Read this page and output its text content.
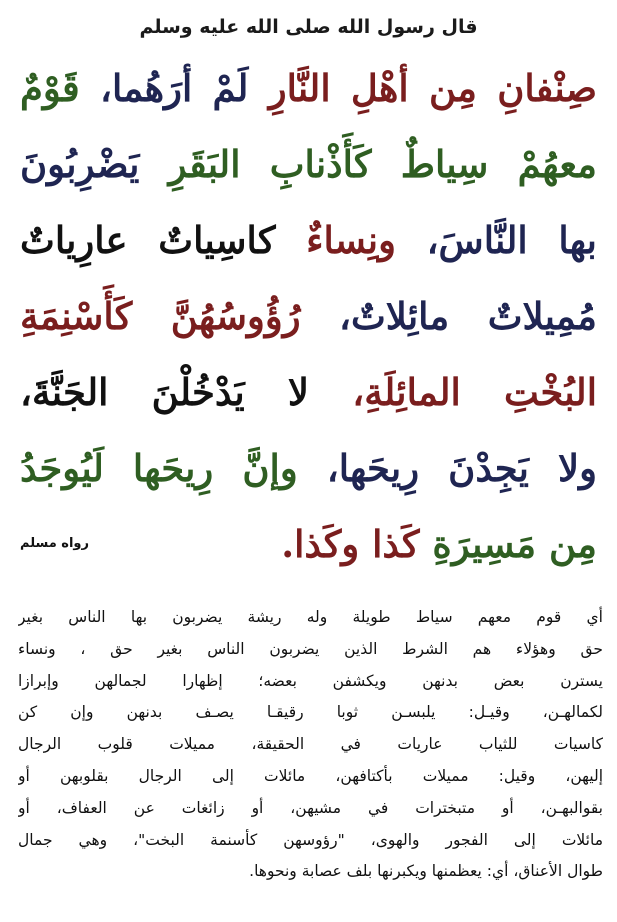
قال رسول الله صلى الله عليه وسلم
صِنْفانِ مِن أهْلِ النَّارِ لَمْ أرَهُما، قَوْمٌ
معهُمْ سِياطٌ كَأَذْنابِ البَقَرِ يَضْرِبُونَ
بها النَّاسَ، ونِساءٌ كاسِياتٌ عارِياتٌ
مُمِيلاتٌ مائِلاتٌ، رُؤُوسُهُنَّ كَأَسْنِمَةِ
البُخْتِ المائِلَةِ، لا يَدْخُلْنَ الجَنَّةَ،
ولا يَجِدْنَ رِيحَها، وإنَّ رِيحَها لَيُوجَدُ
مِن مَسِيرَةِ كَذا وكَذا.
رواه مسلم
أي قوم معهم سياط طويلة وله ريشة يضربون بها الناس بغير
حق وهؤلاء هم الشرط الذين يضربون الناس بغير حق ، ونساء
يسترن بعض بدنهن ويكشفن بعضه؛ إظهارا لجمالهن وإبرازا
لكمالهـن، وقيـل: يلبسـن ثوبا رقيقـا يصـف بدنهن وإن كن
كاسيات للثياب عاريات في الحقيقة، مميلات قلوب الرجال
إليهن، وقيل: مميلات بأكتافهن، مائلات إلى الرجال بقلوبهن أو
بقوالبهـن، أو متبخترات في مشيهن، أو زائغات عن العفاف، أو
مائلات إلى الفجور والهوى، "رؤوسهن كأسنمة البخت"، وهي جمال
طوال الأعناق، أي: يعظمنها ويكبرنها بلف عصابة ونحوها.
